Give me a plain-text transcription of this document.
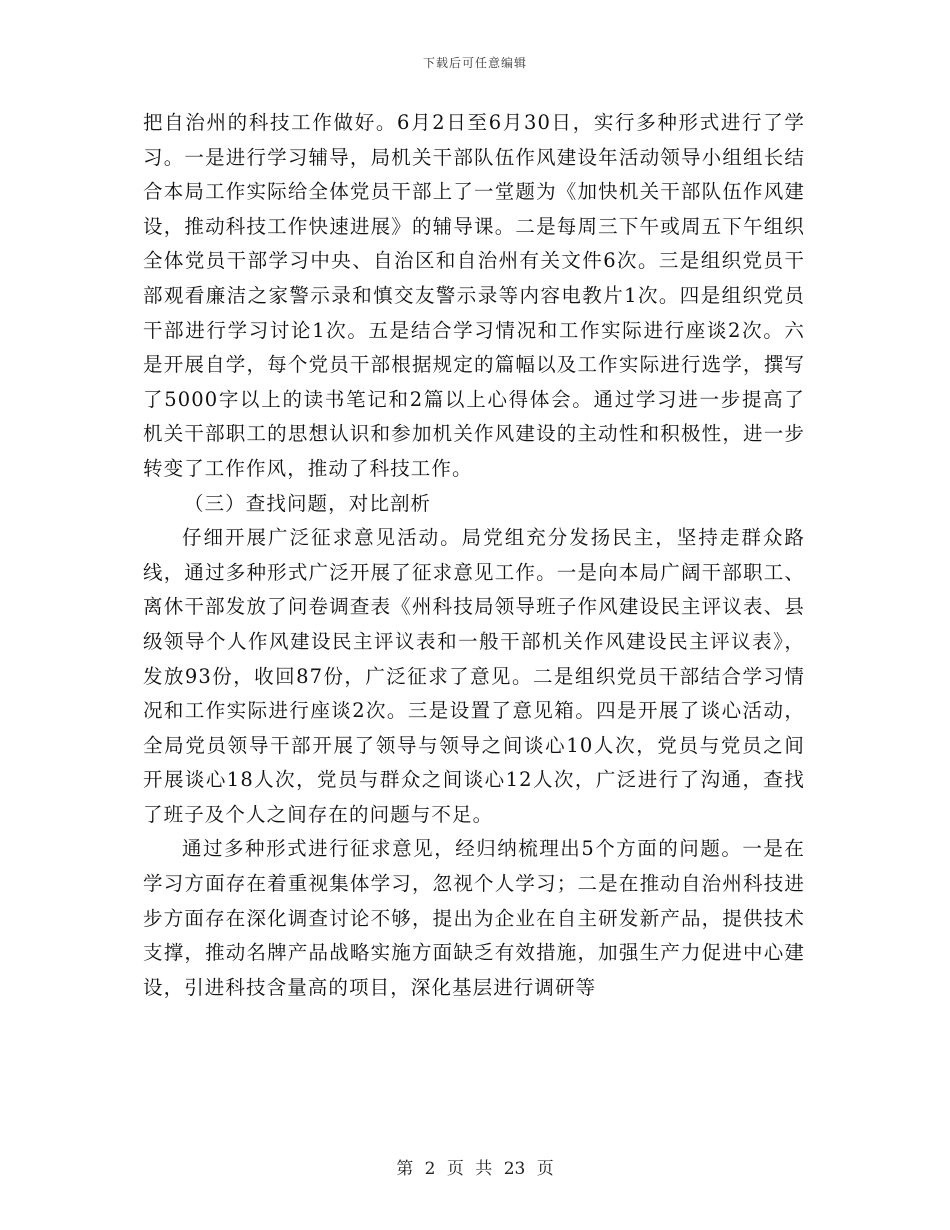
下载后可任意编辑

把自治州的科技工作做好。6月2日至6月30日，实行多种形式进行了学习。一是进行学习辅导，局机关干部队伍作风建设年活动领导小组组长结合本局工作实际给全体党员干部上了一堂题为《加快机关干部队伍作风建设，推动科技工作快速进展》的辅导课。二是每周三下午或周五下午组织全体党员干部学习中央、自治区和自治州有关文件6次。三是组织党员干部观看廉洁之家警示录和慎交友警示录等内容电教片1次。四是组织党员干部进行学习讨论1次。五是结合学习情况和工作实际进行座谈2次。六是开展自学，每个党员干部根据规定的篇幅以及工作实际进行选学，撰写了5000字以上的读书笔记和2篇以上心得体会。通过学习进一步提高了机关干部职工的思想认识和参加机关作风建设的主动性和积极性，进一步转变了工作作风，推动了科技工作。

（三）查找问题，对比剖析

仔细开展广泛征求意见活动。局党组充分发扬民主，坚持走群众路线，通过多种形式广泛开展了征求意见工作。一是向本局广阔干部职工、离休干部发放了问卷调查表《州科技局领导班子作风建设民主评议表、县级领导个人作风建设民主评议表和一般干部机关作风建设民主评议表》，发放93份，收回87份，广泛征求了意见。二是组织党员干部结合学习情况和工作实际进行座谈2次。三是设置了意见箱。四是开展了谈心活动，全局党员领导干部开展了领导与领导之间谈心10人次，党员与党员之间开展谈心18人次，党员与群众之间谈心12人次，广泛进行了沟通，查找了班子及个人之间存在的问题与不足。

通过多种形式进行征求意见，经归纳梳理出5个方面的问题。一是在学习方面存在着重视集体学习，忽视个人学习；二是在推动自治州科技进步方面存在深化调查讨论不够，提出为企业在自主研发新产品，提供技术支撑，推动名牌产品战略实施方面缺乏有效措施，加强生产力促进中心建设，引进科技含量高的项目，深化基层进行调研等

第 2 页 共 23 页
